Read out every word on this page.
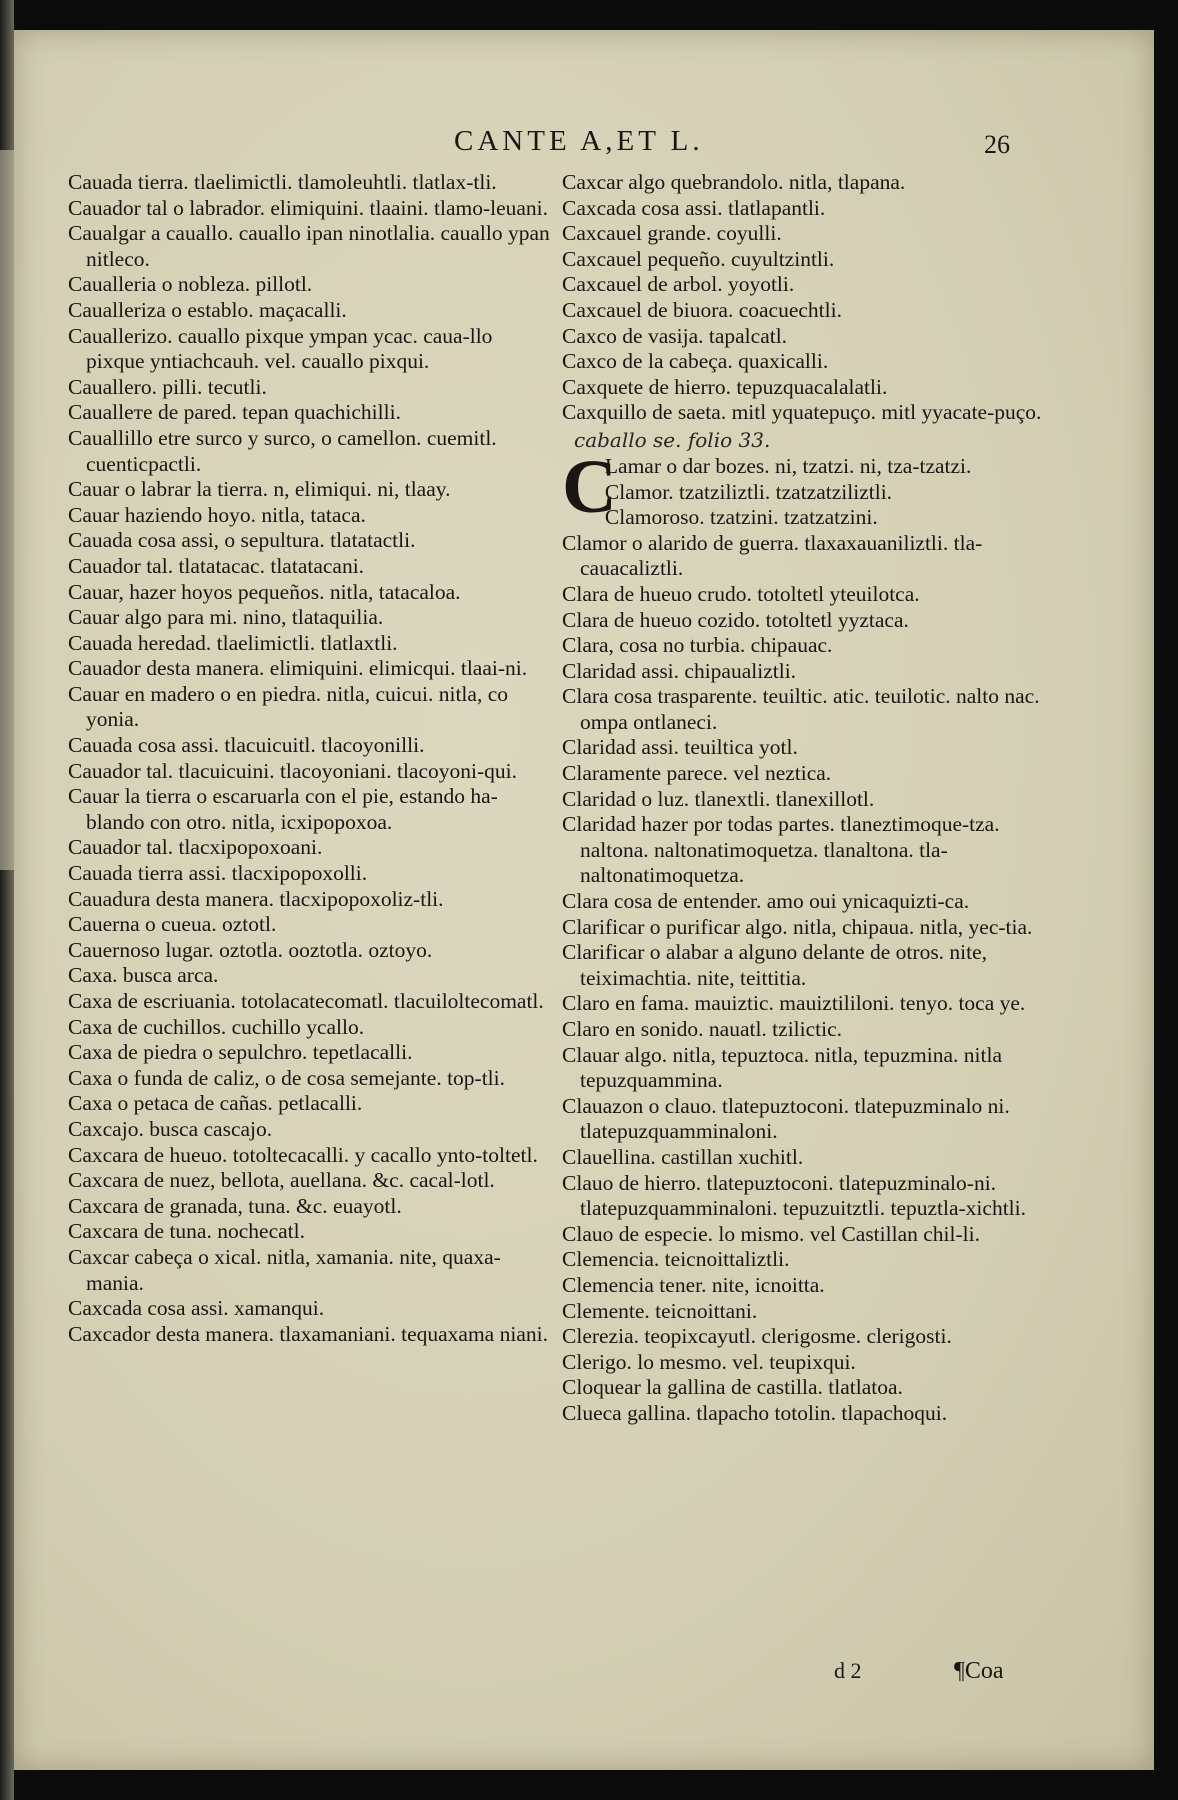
CANTE A,ET L.	26
Cauada tierra. tlaelimictli. tlamoleuhtli. tlatlax-tli.
Cauador tal o labrador. elimiquini. tlaaini. tlamo-leuani.
Caualgar a cauallo. cauallo ipan ninotlalia. cauallo ypan nitleco.
Caualleria o nobleza. pillotl.
Caualleriza o establo. maçacalli.
Cauallerizo. cauallo pixque ympan ycac. caua-llo pixque yntiachcauh. vel. cauallo pixqui.
Cauallero. pilli. tecutli.
Caualleте de pared. tepan quachichilli.
Cauallillo etre surco y surco, o camellon. cuemitl. cuenticpactli.
Cauar o labrar la tierra. n, elimiqui. ni, tlaay.
Cauar haziendo hoyo. nitla, tataca.
Cauada cosa assi, o sepultura. tlatatactli.
Cauador tal. tlatatacac. tlatatacani.
Cauar, hazer hoyos pequeños. nitla, tatacaloa.
Cauar algo para mi. nino, tlataquilia.
Cauada heredad. tlaelimictli. tlatlaxtli.
Cauador desta manera. elimiquini. elimicqui. tlaai-ni.
Cauar en madero o en piedra. nitla, cuicui. nitla, co yonia.
Cauada cosa assi. tlacuicuitl. tlacoyonilli.
Cauador tal. tlacuicuini. tlacoyoniani. tlacoyoni-qui.
Cauar la tierra o escaruarla con el pie, estando ha-blando con otro. nitla, icxipopoxoa.
Cauador tal. tlacxipopoxoani.
Cauada tierra assi. tlacxipopoxolli.
Cauadura desta manera. tlacxipopoxoliz-tli.
Cauerna o cueua. oztotl.
Cauernoso lugar. oztotla. ooztotla. oztoyo.
Caxa. busca arca.
Caxa de escriuania. totolacatecomatl. tlacuiloltecomatl.
Caxa de cuchillos. cuchillo ycallo.
Caxa de piedra o sepulchro. tepetlacalli.
Caxa o funda de caliz, o de cosa semejante. top-tli.
Caxa o petaca de cañas. petlacalli.
Caxcajo. busca cascajo.
Caxcara de hueuo. totoltecacalli. y cacallo ynto-toltetl.
Caxcara de nuez, bellota, auellana. &c. cacal-lotl.
Caxcara de granada, tuna. &c. euayotl.
Caxcara de tuna. nochecatl.
Caxcar cabeça o xical. nitla, xamania. nite, quaxa-mania.
Caxcada cosa assi. xamanqui.
Caxcador desta manera. tlaxamaniani. tequaxama niani.
Caxcar algo quebrandolo. nitla, tlapana.
Caxcada cosa assi. tlatlapantli.
Caxcauel grande. coyulli.
Caxcauel pequeño. cuyultzintli.
Caxcauel de arbol. yoyotli.
Caxcauel de biuora. coacuechtli.
Caxco de vasija. tapalcatl.
Caxco de la cabeça. quaxicalli.
Caxquete de hierro. tepuzquacalalatli.
Caxquillo de saeta. mitl yquatepuço. mitl yyacate-puço.
caballo se. folio 33.
C
Lamar o dar bozes. ni, tzatzi. ni, tza-tzatzi.
Clamor. tzatziliztli. tzatzatziliztli.
Clamoroso. tzatzini. tzatzatzini.
Clamor o alarido de guerra. tlaxaxauaniliztli. tla-cauacaliztli.
Clara de hueuo crudo. totoltetl yteuilotca.
Clara de hueuo cozido. totoltetl yyztaca.
Clara, cosa no turbia. chipauac.
Claridad assi. chipaualiztli.
Clara cosa trasparente. teuiltic. atic. teuilotic. nalto nac. ompa ontlaneci.
Claridad assi. teuiltica yotl.
Claramente parece. vel neztica.
Claridad o luz. tlanextli. tlanexillotl.
Claridad hazer por todas partes. tlaneztimoque-tza. naltona. naltonatimoquetza. tlanaltona. tla-naltonatimoquetza.
Clara cosa de entender. amo oui ynicaquizti-ca.
Clarificar o purificar algo. nitla, chipaua. nitla, yec-tia.
Clarificar o alabar a alguno delante de otros. nite, teiximachtia. nite, teittitia.
Claro en fama. mauiztic. mauiztililoni. tenyo. toca ye.
Claro en sonido. nauatl. tzilictic.
Clauar algo. nitla, tepuztoca. nitla, tepuzmina. nitla tepuzquammina.
Clauazon o clauo. tlatepuztoconi. tlatepuzminalo ni. tlatepuzquamminaloni.
Clauellina. castillan xuchitl.
Clauo de hierro. tlatepuztoconi. tlatepuzminalo-ni. tlatepuzquamminaloni. tepuzuitztli. tepuztla-xichtli.
Clauo de especie. lo mismo. vel Castillan chil-li.
Clemencia. teicnoittaliztli.
Clemencia tener. nite, icnoitta.
Clemente. teicnoittani.
Clerezia. teopixcayutl. clerigosme. clerigosti.
Clerigo. lo mesmo. vel. teupixqui.
Cloquear la gallina de castilla. tlatlatoa.
Clueca gallina. tlapacho totolin. tlapachoqui.
d 2	¶Coa
